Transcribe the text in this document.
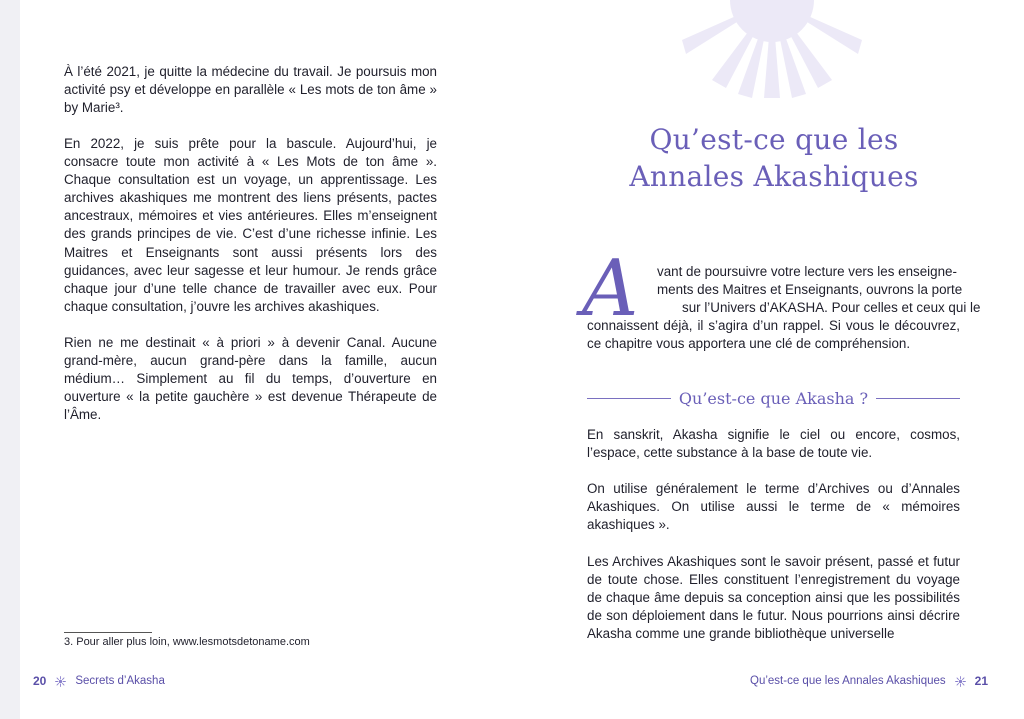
À l’été 2021, je quitte la médecine du travail. Je poursuis mon activité psy et développe en parallèle « Les mots de ton âme » by Marie³.

En 2022, je suis prête pour la bascule. Aujourd’hui, je consacre toute mon activité à « Les Mots de ton âme ». Chaque consultation est un voyage, un apprentissage. Les archives akashiques me montrent des liens présents, pactes ancestraux, mémoires et vies antérieures. Elles m’enseignent des grands principes de vie. C’est d’une richesse infinie. Les Maitres et Enseignants sont aussi présents lors des guidances, avec leur sagesse et leur humour. Je rends grâce chaque jour d’une telle chance de travailler avec eux. Pour chaque consultation, j’ouvre les archives akashiques.

Rien ne me destinait « à priori » à devenir Canal. Aucune grand-mère, aucun grand-père dans la famille, aucun médium… Simplement au fil du temps, d’ouverture en ouverture « la petite gauchère » est devenue Thérapeute de l’Âme.

3. Pour aller plus loin, www.lesmotsdetoname.com

20	Secrets d’Akasha
Qu’est-ce que les
Annales Akashiques
A vant de poursuivre votre lecture vers les enseigne-

ments des Maitres et Enseignants, ouvrons la porte

sur l’Univers d’AKASHA. Pour celles et ceux qui le

connaissent déjà, il s’agira d’un rappel. Si vous le découvrez, ce chapitre vous apportera une clé de compréhension.

Qu’est-ce que Akasha ?

En sanskrit, Akasha signifie le ciel ou encore, cosmos, l’espace, cette substance à la base de toute vie.

On utilise généralement le terme d’Archives ou d’Annales Akashiques. On utilise aussi le terme de « mémoires akashiques ».

Les Archives Akashiques sont le savoir présent, passé et futur de toute chose. Elles constituent l’enregistrement du voyage de chaque âme depuis sa conception ainsi que les possibilités de son déploiement dans le futur. Nous pourrions ainsi décrire Akasha comme une grande bibliothèque universelle

Qu’est-ce que les Annales Akashiques 21
